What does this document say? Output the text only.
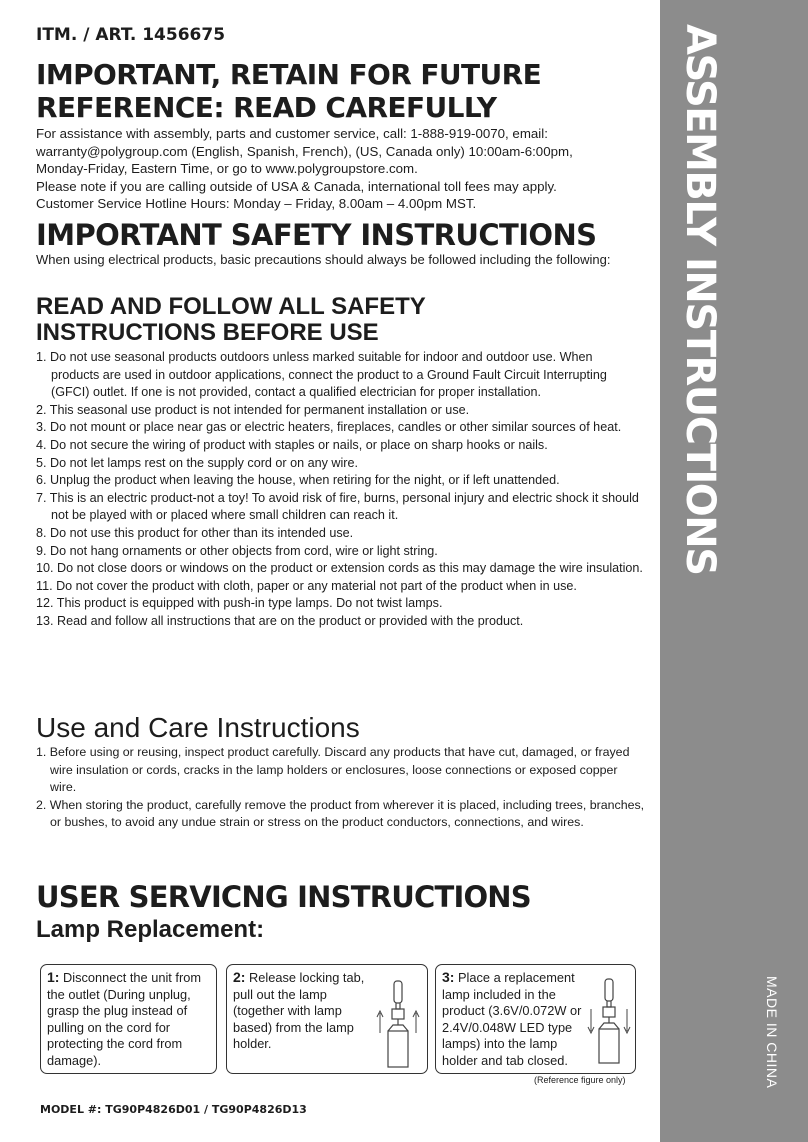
ASSEMBLY INSTRUCTIONS
MADE IN CHINA
ITM. / ART. 1456675
IMPORTANT, RETAIN FOR FUTURE
REFERENCE: READ CAREFULLY
For assistance with assembly, parts and customer service, call: 1-888-919-0070, email:
warranty@polygroup.com (English, Spanish, French), (US, Canada only) 10:00am-6:00pm,
Monday-Friday, Eastern Time, or go to www.polygroupstore.com.
Please note if you are calling outside of USA & Canada, international toll fees may apply.
Customer Service Hotline Hours: Monday – Friday, 8.00am – 4.00pm MST.
IMPORTANT SAFETY INSTRUCTIONS
When using electrical products, basic precautions should always be followed including the following:
READ AND FOLLOW ALL SAFETY
INSTRUCTIONS BEFORE USE
1. Do not use seasonal products outdoors unless marked suitable for indoor and outdoor use. When products are used in outdoor applications, connect the product to a Ground Fault Circuit Interrupting (GFCI) outlet. If one is not provided, contact a qualified electrician for proper installation.
2. This seasonal use product is not intended for permanent installation or use.
3. Do not mount or place near gas or electric heaters, fireplaces, candles or other similar sources of heat.
4. Do not secure the wiring of product with staples or nails, or place on sharp hooks or nails.
5. Do not let lamps rest on the supply cord or on any wire.
6. Unplug the product when leaving the house, when retiring for the night, or if left unattended.
7. This is an electric product-not a toy! To avoid risk of fire, burns, personal injury and electric shock it should not be played with or placed where small children can reach it.
8. Do not use this product for other than its intended use.
9. Do not hang ornaments or other objects from cord, wire or light string.
10. Do not close doors or windows on the product or extension cords as this may damage the wire insulation.
11. Do not cover the product with cloth, paper or any material not part of the product when in use.
12. This product is equipped with push-in type lamps. Do not twist lamps.
13. Read and follow all instructions that are on the product or provided with the product.
Use and Care Instructions
1. Before using or reusing, inspect product carefully. Discard any products that have cut, damaged, or frayed wire insulation or cords, cracks in the lamp holders or enclosures, loose connections or exposed copper wire.
2. When storing the product, carefully remove the product from wherever it is placed, including trees, branches, or bushes, to avoid any undue strain or stress on the product conductors, connections, and wires.
USER SERVICNG INSTRUCTIONS
Lamp Replacement:
1: Disconnect the unit from the outlet (During unplug, grasp the plug instead of pulling on the cord for protecting the cord from damage).
2: Release locking tab, pull out the lamp (together with lamp based) from the lamp holder.
3: Place a replacement lamp included in the product (3.6V/0.072W or 2.4V/0.048W LED type lamps) into the lamp holder and tab closed.
(Reference figure only)
MODEL #: TG90P4826D01 / TG90P4826D13
